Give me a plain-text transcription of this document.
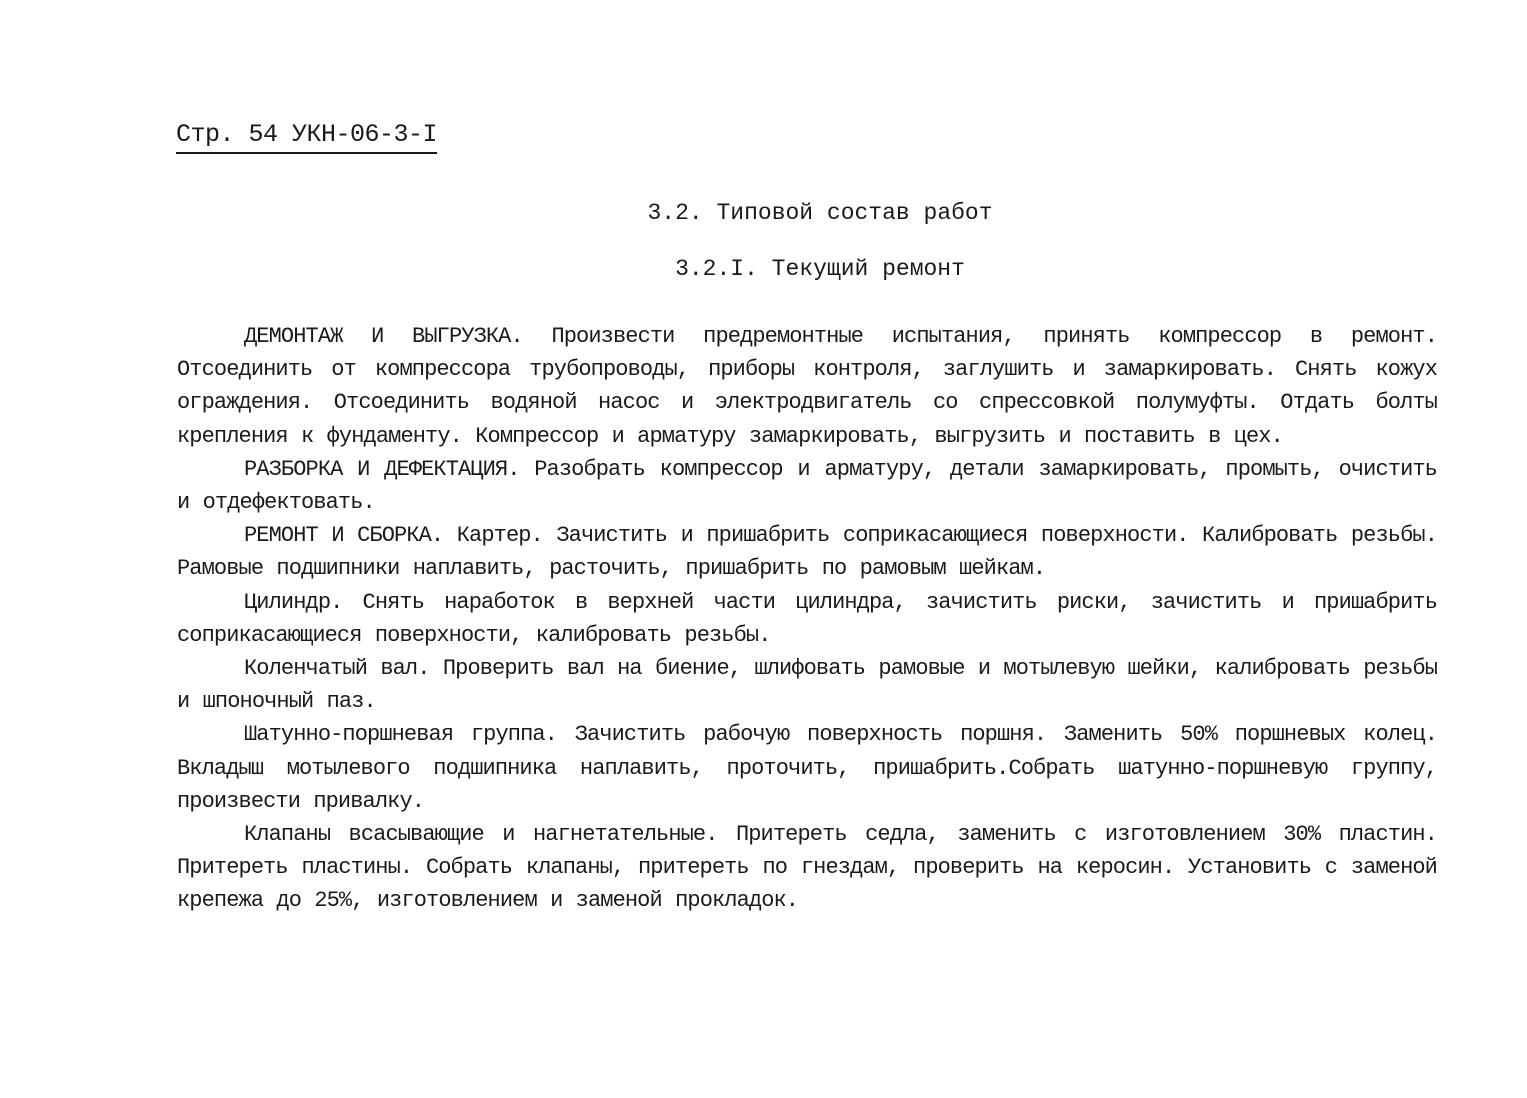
Стр. 54 УКН-06-3-I
3.2. Типовой состав работ
3.2.I. Текущий ремонт

ДЕМОНТАЖ И ВЫГРУЗКА. Произвести предремонтные испытания, принять компрессор в ремонт. Отсоединить от компрессора трубопроводы, приборы контроля, заглушить и замаркировать. Снять кожух ограждения. Отсоединить водяной насос и электродвигатель со спрессовкой полумуфты. Отдать болты крепления к фундаменту. Компрессор и арматуру замаркировать, выгрузить и поставить в цех.

РАЗБОРКА И ДЕФЕКТАЦИЯ. Разобрать компрессор и арматуру, детали замаркировать, промыть, очистить и отдефектовать.

РЕМОНТ И СБОРКА. Картер. Зачистить и пришабрить соприкасающиеся поверхности. Калибровать резьбы. Рамовые подшипники наплавить, расточить, пришабрить по рамовым шейкам.

Цилиндр. Снять наработок в верхней части цилиндра, зачистить риски, зачистить и пришабрить соприкасающиеся поверхности, калибровать резьбы.

Коленчатый вал. Проверить вал на биение, шлифовать рамовые и мотылевую шейки, калибровать резьбы и шпоночный паз.

Шатунно-поршневая группа. Зачистить рабочую поверхность поршня. Заменить 50% поршневых колец. Вкладыш мотылевого подшипника наплавить, проточить, пришабрить.Собрать шатунно-поршневую группу, произвести привалку.

Клапаны всасывающие и нагнетательные. Притереть седла, заменить с изготовлением 30% пластин. Притереть пластины. Собрать клапаны, притереть по гнездам, проверить на керосин. Установить с заменой крепежа до 25%, изготовлением и заменой прокладок.
